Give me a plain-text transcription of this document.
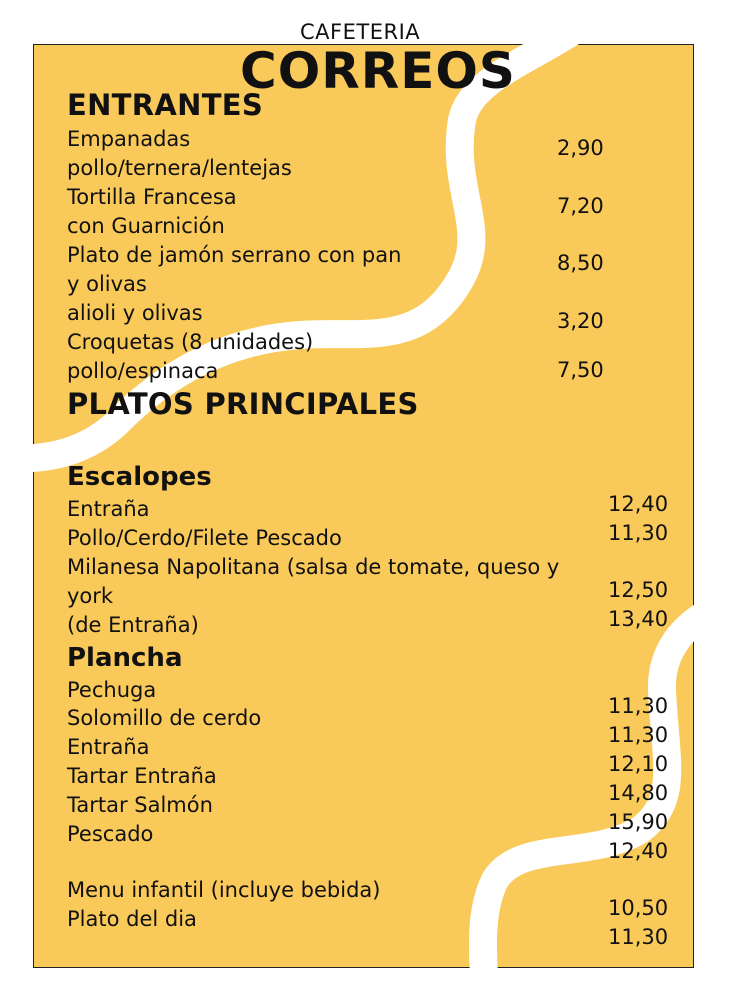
CAFETERIA
CORREOS
ENTRANTES
Empanadas
pollo/ternera/lentejas
Tortilla Francesa
con Guarnición
Plato de jamón serrano con pan
y olivas
alioli y olivas
Croquetas (8 unidades)
pollo/espinaca
2,90
7,20
8,50
3,20
7,50
PLATOS PRINCIPALES
Escalopes
Entraña
Pollo/Cerdo/Filete Pescado
Milanesa Napolitana (salsa de tomate, queso y
york
(de Entraña)
12,40
11,30
12,50
13,40
Plancha
Pechuga
Solomillo de cerdo
Entraña
Tartar Entraña
Tartar Salmón
Pescado
11,30
11,30
12,10
14,80
15,90
12,40
Menu infantil (incluye bebida)
Plato del dia	10,50
11,30
